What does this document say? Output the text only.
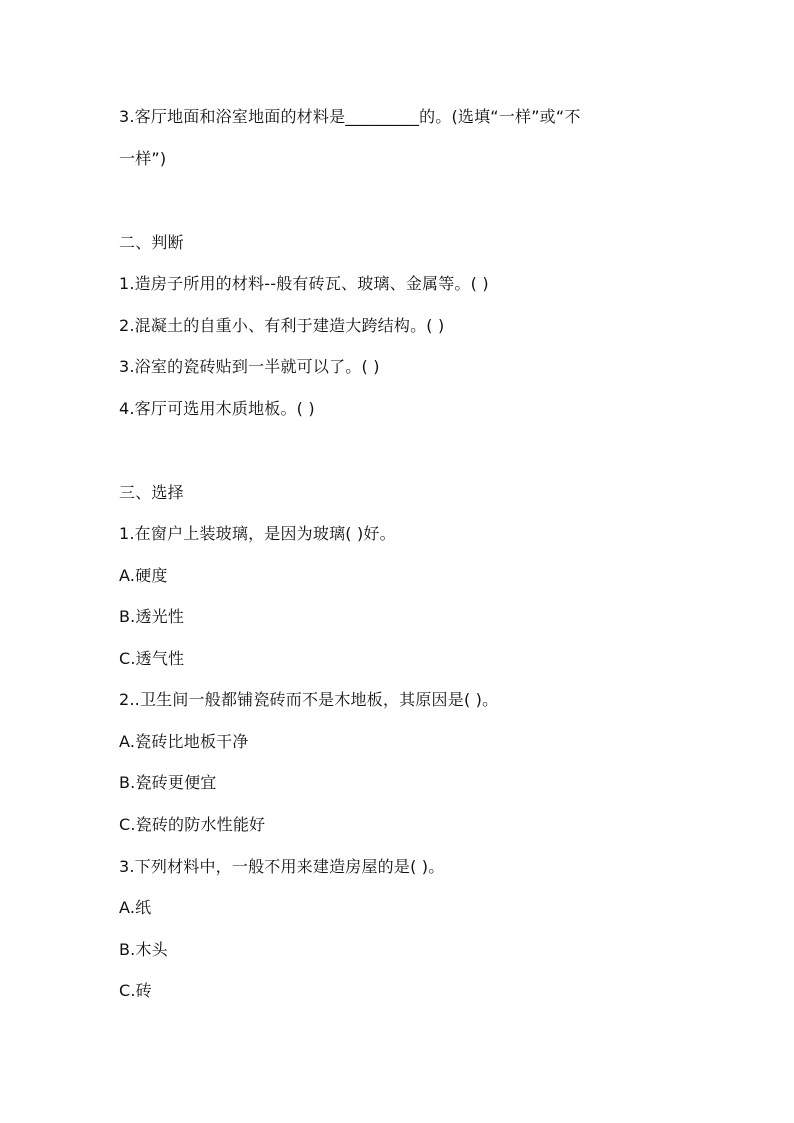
3.客厅地面和浴室地面的材料是_________的。(选填“一样”或“不
一样”)
二、判断
1.造房子所用的材料--般有砖瓦、玻璃、金属等。( )
2.混凝土的自重小、有利于建造大跨结构。( )
3.浴室的瓷砖贴到一半就可以了。( )
4.客厅可选用木质地板。( )
三、选择
1.在窗户上装玻璃，是因为玻璃( )好。
A.硬度
B.透光性
C.透气性
2..卫生间一般都铺瓷砖而不是木地板，其原因是( )。
A.瓷砖比地板干净
B.瓷砖更便宜
C.瓷砖的防水性能好
3.下列材料中，一般不用来建造房屋的是( )。
A.纸
B.木头
C.砖
